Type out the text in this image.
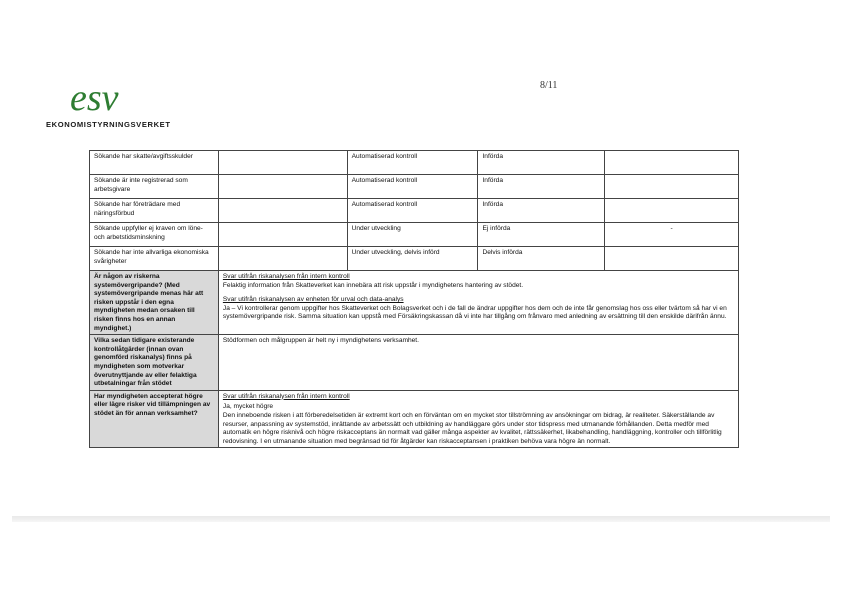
esv
EKONOMISTYRNINGSVERKET
8/11
Sökande har skatte/avgiftsskulder		Automatiserad kontroll	Införda	
Sökande är inte registrerad som arbetsgivare		Automatiserad kontroll	Införda	
Sökande har företrädare med näringsförbud		Automatiserad kontroll	Införda	
Sökande uppfyller ej kraven om löne- och arbetstidsminskning		Under utveckling	Ej införda	-
Sökande har inte allvarliga ekonomiska svårigheter		Under utveckling, delvis införd	Delvis införda	
Är någon av riskerna systemövergripande? (Med systemövergripande menas här att risken uppstår i den egna myndigheten medan orsaken till risken finns hos en annan myndighet.)	Svar utifrån riskanalysen från intern kontroll
Felaktig information från Skatteverket kan innebära att risk uppstår i myndighetens hantering av stödet.
Svar utifrån riskanalysen av enheten för urval och data-analys
Ja – Vi kontrollerar genom uppgifter hos Skatteverket och Bolagsverket och i de fall de ändrar uppgifter hos dem och de inte får genomslag hos oss eller tvärtom så har vi en systemövergripande risk. Samma situation kan uppstå med Försäkringskassan då vi inte har tillgång om frånvaro med anledning av ersättning till den enskilde därifrån ännu.			

Vilka sedan tidigare existerande kontrollåtgärder (innan ovan genomförd riskanalys) finns på myndigheten som motverkar överutnyttjande av eller felaktiga utbetalningar från stödet	Stödformen och målgruppen är helt ny i myndighetens verksamhet.			
Har myndigheten accepterat högre eller lägre risker vid tillämpningen av stödet än för annan verksamhet?	Svar utifrån riskanalysen från intern kontroll
Ja, mycket högre
Den inneboende risken i att förberedelsetiden är extremt kort och en förväntan om en mycket stor tillströmning av ansökningar om bidrag, är realiteter. Säkerställande av resurser, anpassning av systemstöd, inrättande av arbetssätt och utbildning av handläggare görs under stor tidspress med utmanande förhållanden. Detta medför med automatik en högre risknivå och högre riskacceptans än normalt vad gäller många aspekter av kvalitet, rättssäkerhet, likabehandling, handläggning, kontroller och tillförlitlig redovisning. I en utmanande situation med begränsad tid för åtgärder kan riskacceptansen i praktiken behöva vara högre än normalt.			
